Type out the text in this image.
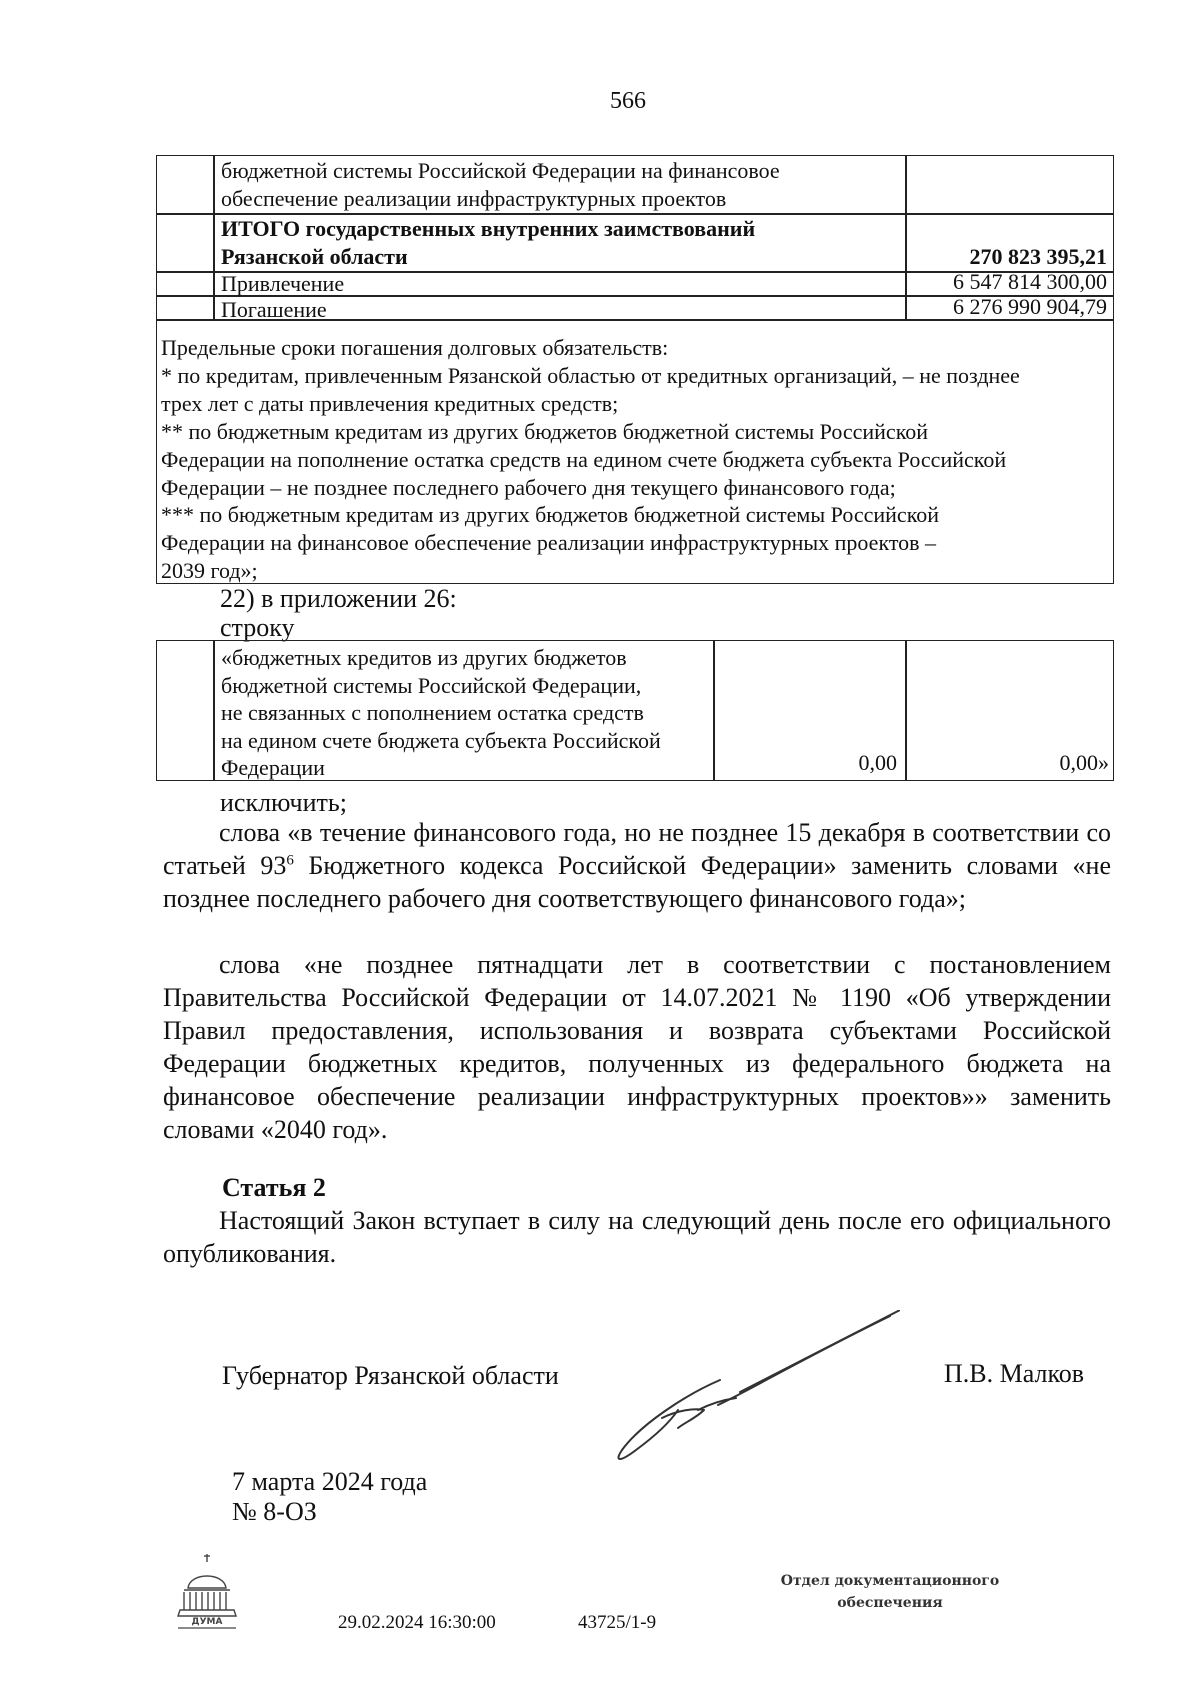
566
бюджетной системы Российской Федерации на финансовое
обеспечение реализации инфраструктурных проектов
ИТОГО государственных внутренних заимствований
Рязанской области	270 823 395,21
Привлечение	6 547 814 300,00
Погашение	6 276 990 904,79
Предельные сроки погашения долговых обязательств:
* по кредитам, привлеченным Рязанской областью от кредитных организаций, – не позднее
трех лет с даты привлечения кредитных средств;
** по бюджетным кредитам из других бюджетов бюджетной системы Российской
Федерации на пополнение остатка средств на едином счете бюджета субъекта Российской
Федерации – не позднее последнего рабочего дня текущего финансового года;
*** по бюджетным кредитам из других бюджетов бюджетной системы Российской
Федерации на финансовое обеспечение реализации инфраструктурных проектов –
2039 год»;
22) в приложении 26:
строку
«бюджетных кредитов из других бюджетов
бюджетной системы Российской Федерации,
не связанных с пополнением остатка средств
на едином счете бюджета субъекта Российской
Федерации	0,00	0,00»
исключить;

слова «в течение финансового года, но не позднее 15 декабря в соответствии со статьей $93^6$ Бюджетного кодекса Российской Федерации» заменить словами «не позднее последнего рабочего дня соответствующего финансового года»;

слова «не позднее пятнадцати лет в соответствии с постановлением Правительства Российской Федерации от 14.07.2021 № 1190 «Об утверждении Правил предоставления, использования и возврата субъектами Российской Федерации бюджетных кредитов, полученных из федерального бюджета на финансовое обеспечение реализации инфраструктурных проектов»» заменить словами «2040 год».

Статья 2

Настоящий Закон вступает в силу на следующий день после его официального опубликования.

Губернатор Рязанской области	П.В. Малков
7 марта 2024 года
№ 8-ОЗ
ДУМА	29.02.2024 16:30:00	43725/1-9
Отдел документационного
обеспечения
